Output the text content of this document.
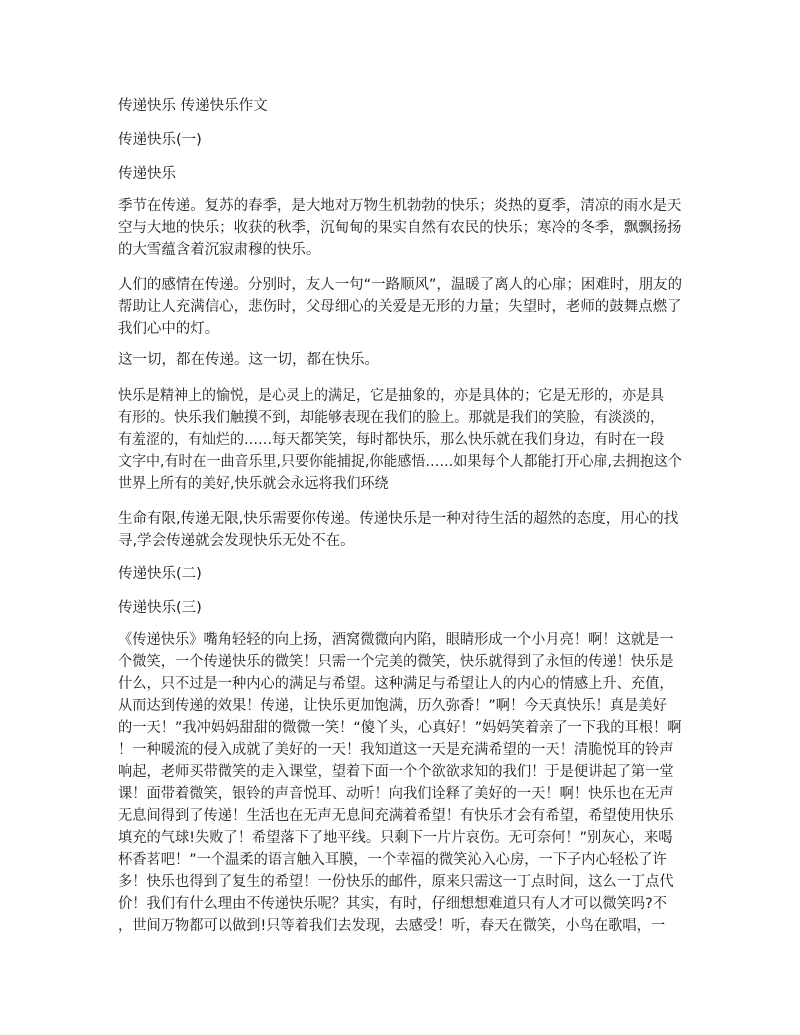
传递快乐 传递快乐作文
传递快乐(一)
传递快乐
季节在传递。复苏的春季，是大地对万物生机勃勃的快乐；炎热的夏季，清凉的雨水是天
空与大地的快乐；收获的秋季，沉甸甸的果实自然有农民的快乐；寒冷的冬季，飘飘扬扬
的大雪蕴含着沉寂肃穆的快乐。
人们的感情在传递。分别时，友人一句“一路顺风”，温暖了离人的心扉；困难时，朋友的
帮助让人充满信心，悲伤时，父母细心的关爱是无形的力量；失望时，老师的鼓舞点燃了
我们心中的灯。
这一切，都在传递。这一切，都在快乐。
快乐是精神上的愉悦，是心灵上的满足，它是抽象的，亦是具体的；它是无形的，亦是具
有形的。快乐我们触摸不到，却能够表现在我们的脸上。那就是我们的笑脸，有淡淡的，
有羞涩的，有灿烂的……每天都笑笑，每时都快乐，那么快乐就在我们身边，有时在一段
文字中,有时在一曲音乐里,只要你能捕捉,你能感悟……如果每个人都能打开心扉,去拥抱这个
世界上所有的美好,快乐就会永远将我们环绕
生命有限,传递无限,快乐需要你传递。传递快乐是一种对待生活的超然的态度，用心的找
寻,学会传递就会发现快乐无处不在。
传递快乐(二)
传递快乐(三)
《传递快乐》嘴角轻轻的向上扬，酒窝微微向内陷，眼睛形成一个小月亮！啊！这就是一
个微笑，一个传递快乐的微笑！只需一个完美的微笑，快乐就得到了永恒的传递！快乐是
什么，只不过是一种内心的满足与希望。这种满足与希望让人的内心的情感上升、充值，
从而达到传递的效果！传递，让快乐更加饱满，历久弥香！”啊！今天真快乐！真是美好
的一天！”我冲妈妈甜甜的微微一笑！“傻丫头，心真好！”妈妈笑着亲了一下我的耳根！啊
！一种暖流的侵入成就了美好的一天！我知道这一天是充满希望的一天！清脆悦耳的铃声
响起，老师买带微笑的走入课堂，望着下面一个个欲欲求知的我们！于是便讲起了第一堂
课！面带着微笑，银铃的声音悦耳、动听！向我们诠释了美好的一天！啊！快乐也在无声
无息间得到了传递！生活也在无声无息间充满着希望！有快乐才会有希望，希望使用快乐
填充的气球!失败了！希望落下了地平线。只剩下一片片哀伤。无可奈何！”别灰心，来喝
杯香茗吧！”一个温柔的语言触入耳膜，一个幸福的微笑沁入心房，一下子内心轻松了许
多！快乐也得到了复生的希望！一份快乐的邮件，原来只需这一丁点时间，这么一丁点代
价！我们有什么理由不传递快乐呢？其实，有时，仔细想想难道只有人才可以微笑吗?不
，世间万物都可以做到!只等着我们去发现，去感受！听，春天在微笑，小鸟在歌唱，一
